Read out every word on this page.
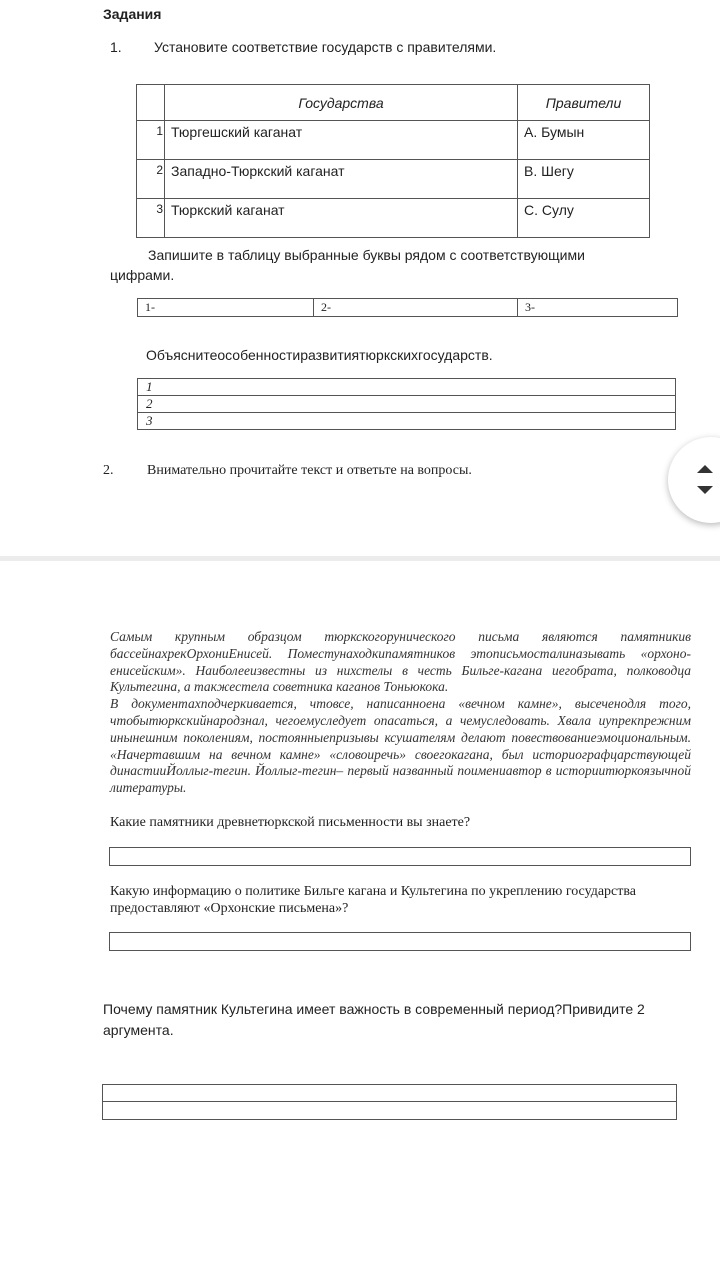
Задания
1. Установите соответствие государств с правителями.
	Государства	Правители
1	Тюргешский каганат	A. Бумын
2	Западно-Тюркский каганат	B. Шегу
3	Тюркский каганат	C. Сулу
Запишите в таблицу выбранные буквы рядом с соответствующими
цифрами.
1-	2-	3-
Объяснитеособенностиразвитиятюркскихгосударств.
1
2
3
2. Внимательно прочитайте текст и ответьте на вопросы.

Самым крупным образцом тюркскогорунического письма являются памятникив бассейнахрекОрхониЕнисей. Поместунаходкипамятников этописьмосталиназывать «орхоно-енисейским». Наиболееизвестны из нихстелы в честь Бильге-кагана иегобрата, полководца Культегина, а такжестела советника каганов Тоньюкока.

В документахподчеркивается, чтовсе, написанноена «вечном камне», высеченодля того, чтобытюркскийнародзнал, чегоемуследует опасаться, а чемуследовать. Хвала иупрекпрежним инынешним поколениям, постоянныепризывы ксушателям делают повествованиеэмоциональным. «Начертавшим на вечном камне» «словоиречь» своегокагана, был историографцарствующей династииЙоллыг-тегин. Йоллыг-тегин– первый названный поимениавтор в историитюркоязычной литературы.

Какие памятники древнетюркской письменности вы знаете?
Какую информацию о политике Бильге кагана и Культегина по укреплению государства предоставляют «Орхонские письмена»?
Почему памятник Культегина имеет важность в современный период?Привидите 2 аргумента.
